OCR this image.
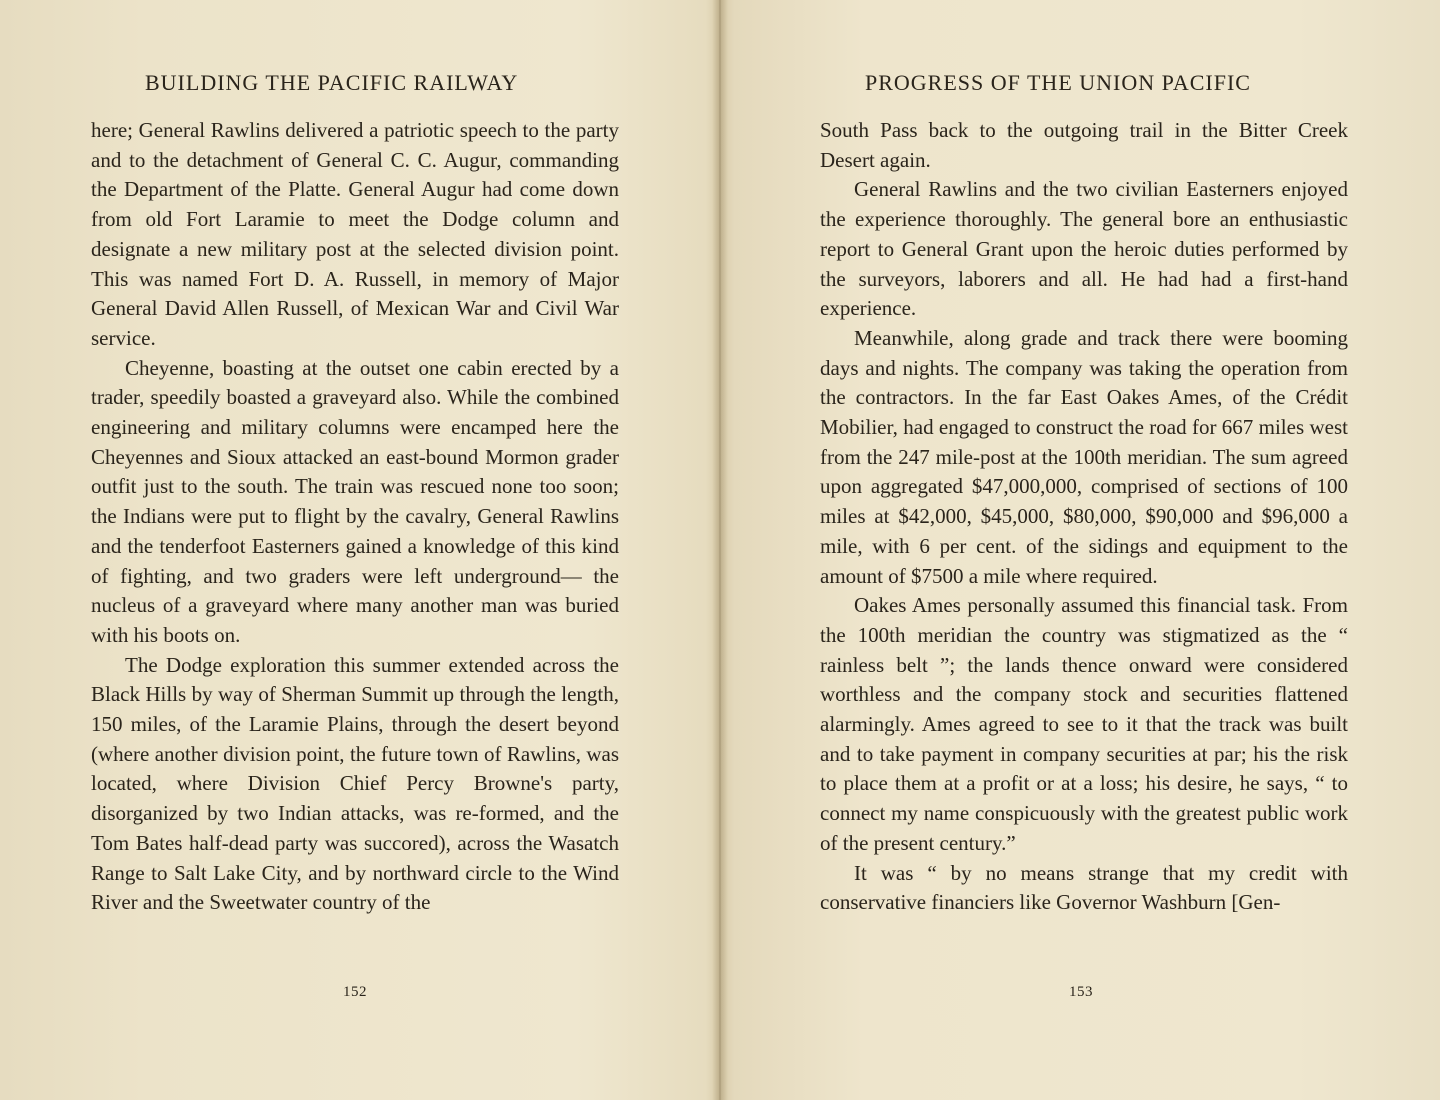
BUILDING THE PACIFIC RAILWAY

here; General Rawlins delivered a patriotic speech to the party and to the detachment of General C. C. Augur, commanding the Department of the Platte. General Augur had come down from old Fort Laramie to meet the Dodge column and designate a new military post at the selected division point. This was named Fort D. A. Russell, in memory of Major General David Allen Russell, of Mexican War and Civil War service.

Cheyenne, boasting at the outset one cabin erected by a trader, speedily boasted a graveyard also. While the combined engineering and military columns were encamped here the Cheyennes and Sioux attacked an east-bound Mormon grader outfit just to the south. The train was rescued none too soon; the Indians were put to flight by the cavalry, General Rawlins and the tenderfoot Easterners gained a knowledge of this kind of fighting, and two graders were left underground— the nucleus of a graveyard where many another man was buried with his boots on.

The Dodge exploration this summer extended across the Black Hills by way of Sherman Summit up through the length, 150 miles, of the Laramie Plains, through the desert beyond (where another division point, the future town of Rawlins, was located, where Division Chief Percy Browne's party, disorganized by two Indian attacks, was re-formed, and the Tom Bates half-dead party was succored), across the Wasatch Range to Salt Lake City, and by northward circle to the Wind River and the Sweetwater country of the

152
PROGRESS OF THE UNION PACIFIC

South Pass back to the outgoing trail in the Bitter Creek Desert again.

General Rawlins and the two civilian Easterners enjoyed the experience thoroughly. The general bore an enthusiastic report to General Grant upon the heroic duties performed by the surveyors, laborers and all. He had had a first-hand experience.

Meanwhile, along grade and track there were booming days and nights. The company was taking the operation from the contractors. In the far East Oakes Ames, of the Crédit Mobilier, had engaged to construct the road for 667 miles west from the 247 mile-post at the 100th meridian. The sum agreed upon aggregated $47,000,000, comprised of sections of 100 miles at $42,000, $45,000, $80,000, $90,000 and $96,000 a mile, with 6 per cent. of the sidings and equipment to the amount of $7500 a mile where required.

Oakes Ames personally assumed this financial task. From the 100th meridian the country was stigmatized as the “ rainless belt ”; the lands thence onward were considered worthless and the company stock and securities flattened alarmingly. Ames agreed to see to it that the track was built and to take payment in company securities at par; his the risk to place them at a profit or at a loss; his desire, he says, “ to connect my name conspicuously with the greatest public work of the present century.”

It was “ by no means strange that my credit with conservative financiers like Governor Washburn [Gen-

153
